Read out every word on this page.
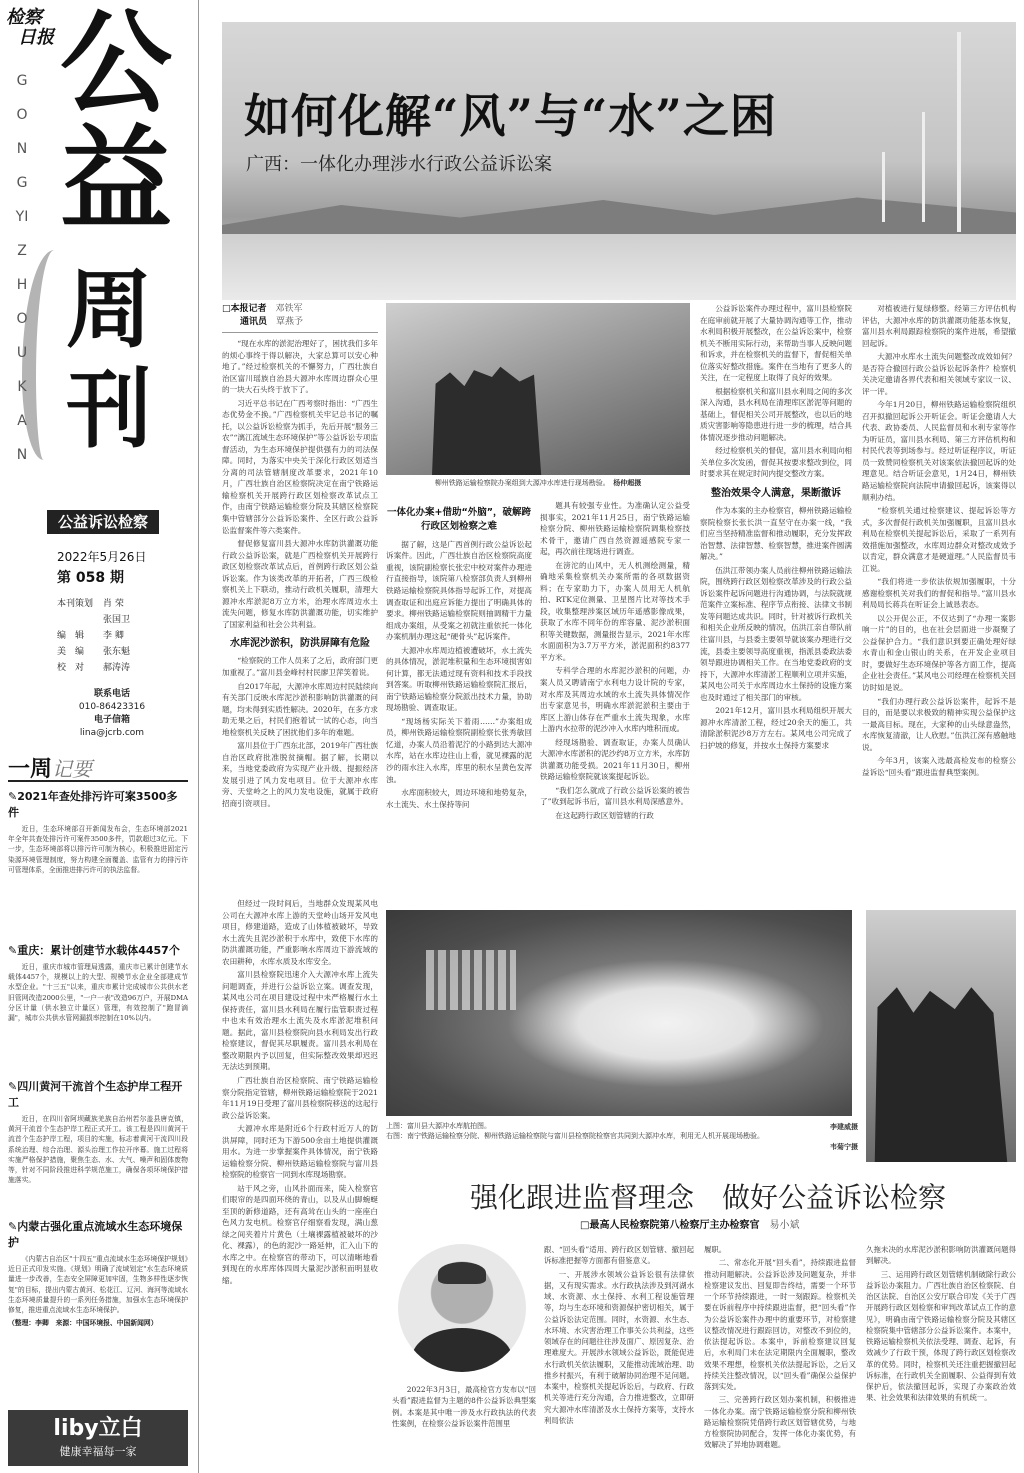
检察
日报 公
益
周
刊
GONGYIZHOUKAN
公益诉讼检察
2022年5月26日
第 058 期
本刊策划 肖 荣
张国卫
编　辑 李 卿
美　编 张东魁
校　对 郝涛涛
联系电话
010-86423316
电子信箱
lina@jcrb.com
一周记要
✎2021年查处排污许可案3500多件
近日，生态环境部召开新闻发布会，生态环境部2021年全年共查处排污许可案件3500多件，罚款超过3亿元。下一步，生态环境部将以排污许可制为核心，积极推进固定污染源环境管理制度，努力构建全面覆盖、监管有力的排污许可管理体系，全面推进排污许可的执法监督。
✎重庆：累计创建节水载体4457个
近日，重庆市城市管理局透露，重庆市已累计创建节水载体4457个，规模以上的大型、规模节水企业全部建成节水型企业。"十三五"以来，重庆市累计完成城市公共供水老旧管网改造2000公里，"一户一表"改造96万户，开展DMA分区计量（供水独立计量区）管理，有效控制了"跑冒滴漏"，城市公共供水管网漏损率控制在10%以内。
✎四川黄河干流首个生态护岸工程开工
近日，在四川省阿坝藏族羌族自治州若尔盖县唐克镇，黄河干流首个生态护岸工程正式开工。该工程是四川黄河干流首个生态护岸工程，项目的实施，标志着黄河干流四川段系统治理、综合治理、源头治理工作拉开序幕。施工过程将实施严格保护措施，聚焦生态、水、大气、噪声和固体废物等，针对不同阶段推进科学规范施工，确保各项环境保护措施落实。
✎内蒙古强化重点流域水生态环境保护
《内蒙古自治区"十四五"重点流域水生态环境保护规划》近日正式印发实施。《规划》明确了流域划定"水生态环境质量进一步改善，生态安全屏障更加牢固，生物多样性逐步恢复"的目标，提出内蒙古黄河、松花江、辽河、海河等流域水生态环境质量提升的一系列任务措施，加强水生态环境保护修复，推进重点流域水生态环境保护。
（整理：李卿　来源：中国环境报、中国新闻网）
liby立白
健康幸福每一家
如何化解“风”与“水”之困
广西：一体化办理涉水行政公益诉讼案
□本报记者　 邓铁军
通讯员　 覃燕予

“现在水库的淤泥治理好了，困扰我们多年的烦心事终于得以解决，大家总算可以安心种地了。”经过检察机关的不懈努力，广西壮族自治区富川瑶族自治县大源冲水库周边群众心里的一块大石头终于放下了。

习近平总书记在广西考察时指出：“广西生态优势金不换。”广西检察机关牢记总书记的嘱托，以公益诉讼检察为抓手，先后开展“服务三农”“漓江流域生态环境保护”等公益诉讼专项监督活动，为生态环境保护提供强有力的司法保障。同时，为落实中央关于深化行政区划适当分离的司法管辖制度改革要求，2021年10月，广西壮族自治区检察院决定在南宁铁路运输检察机关开展跨行政区划检察改革试点工作，由南宁铁路运输检察分院及其辖区检察院集中管辖部分公益诉讼案件、全区行政公益诉讼监督案件等六类案件。

督促修复富川县大源冲水库防洪灌溉功能行政公益诉讼案，就是广西检察机关开展跨行政区划检察改革试点后，首例跨行政区划公益诉讼案。作为该类改革的开拓者，广西三级检察机关上下联动，推动行政机关履职，清理大源冲水库淤泥8万立方米，治理水库周边水土流失问题，修复水库防洪灌溉功能，切实维护了国家利益和社会公共利益。

水库泥沙淤积，防洪屏障有危险

“检察院的工作人员来了之后，政府部门更加重视了。”富川县金峰村村民廖卫萍笑着说。

自2017年起，大源冲水库周边村民陆续向有关部门反映水库泥沙淤积影响防洪灌溉的问题，均未得到实质性解决。2020年，在多方求助无果之后，村民们抱着试一试的心态，向当地检察机关反映了困扰他们多年的难题。

富川县位于广西东北部，2019年广西壮族自治区政府批准脱贫摘帽。据了解，长期以来，当地党委政府为实现产业升级、提振经济发展引进了风力发电项目。位于大源冲水库旁、天堂岭之上的风力发电设施，就属于政府招商引资项目。

但经过一段时间后，当地群众发现某风电公司在大源冲水库上游的天堂岭山场开发风电项目，修建道路，造成了山体植被破坏，导致水土流失且泥沙淤积于水库中，致使下水库的防洪灌溉功能，严重影响水库周边下游流域的农田耕种，水库水质及水库安全。

富川县检察院迅速介入大源冲水库上流失问题调查，并进行公益诉讼立案。调查发现，某风电公司在项目建设过程中未严格履行水土保持责任，富川县水利局在履行监管职责过程中也未有效治理水土流失及水库淤泥堆积问题。据此，富川县检察院向县水利局发出行政检察建议，督促其尽职履责。富川县水利局在整改期限内予以回复，但实际整改效果却迟迟无法达到预期。

广西壮族自治区检察院、南宁铁路运输检察分院指定管辖，柳州铁路运输检察院于2021年11月19日受理了富川县检察院移送的这起行政公益诉讼案。

大源冲水库是附近6个行政村近万人的防洪屏障，同时还为下游500余亩土地提供灌溉用水。为进一步掌握案件具体情况，南宁铁路运输检察分院、柳州铁路运输检察院与富川县检察院的检察官一同到水库现场勘察。

站于风之旁，山风扑面而来，陡入检察官们眼帘的是四面环绕的青山，以及从山脚蜿蜒至顶的新修道路，还有高耸在山头的一座座白色风力发电机。检察官仔细察看发现，满山葱绿之间夹着片片黄色（土壤裸露植被破坏的沙化、裸露），的色的泥沙一路延伸，汇入山下的水库之中。在检察官的带动下，可以清晰地看到现在的水库库体四周大量泥沙淤积而明显收缩。

柳州铁路运输检察院办案组到大源冲水库进行现场勘验。　 杨仲超摄
一体化办案+借助“外脑”，破解跨行政区划检察之难

据了解，这是广西首例行政公益诉讼起诉案件。因此，广西壮族自治区检察院高度重视，该院副检察长张宏中校对案件办理进行直接指导，该院第八检察部负责人到柳州铁路运输检察院具体指导起诉工作，对提高调查取证和出庭应诉能力提出了明确具体的要求。柳州铁路运输检察院则抽调精干力量组成办案组，从受案之初就注重依托一体化办案机制办理这起“硬骨头”起诉案件。

大源冲水库周边植被遭破坏，水土流失的具体情况，淤泥堆积量和生态环境损害如何计算，都无法通过现有资料和技术手段找到答案。听取柳州铁路运输检察院汇报后，南宁铁路运输检察分院派出技术力量，协助现场勘验、调查取证。

“现场杨实际关下着雨……”办案组成员，柳州铁路运输检察院副检察长张秀敏回忆道，办案人员沿着泥泞的小路到达大源冲水库，站在水库边往山上看，就见裸露的泥沙的雨水注入水库，库里的积水呈黄色发浑浊。

水库面积较大，周边环境和地势复杂，水土流失、水土保持等问

题具有较强专业性。为准确认定公益受损事实，2021年11月25日，南宁铁路运输检察分院、柳州铁路运输检察院调集检察技术骨干，邀请广西自然资源遥感院专家一起，再次前往现场进行调查。

在滂沱的山风中，无人机测绘测量，精确地采集检察机关办案所需的各项数据资料；在专家助力下，办案人员用无人机航拍、RTK定位测量、卫星图片比对等技术手段，收集整理涉案区域历年遥感影像成果，获取了水库不同年份的库容量、泥沙淤积面积等关键数据，测量报告显示，2021年水库水面面积为3.7万平方米，淤泥面积约8377平方米。

专科学合理的水库泥沙淤积的问题，办案人员又聘请南宁水利电力设计院的专家，对水库及其周边水域的水土流失具体情况作出专家意见书，明确水库淤泥淤积主要由于库区上游山体存在严重水土流失现象，水库上游内水拉带的泥沙冲入水库内堆积而成。

经现场勘验、调查取证，办案人员确认大源冲水库淤积的泥沙约8万立方米，水库防洪灌溉功能受损。2021年11月30日，柳州铁路运输检察院就该案提起诉讼。

“我们怎么就成了行政公益诉讼案的被告了”收到起诉书后，富川县水利局深感意外。

在这起跨行政区划管辖的行政

公益诉讼案件办理过程中，富川县检察院在庭审前就开展了大量协调沟通等工作，推动水利局积极开展整改，在公益诉讼案中，检察机关不断用实际行动，来帮助当事人反映问题和诉求，并在检察机关的监督下，督促相关单位落实好整改措施。案件在当地有了更多人的关注，在一定程度上取得了良好的效果。

根据检察机关和富川县水利局之间的多次深入沟通，县水利局在清理库区淤泥等问题的基础上，督促相关公司开展整改，也以后的地质灾害影响等隐患进行进一步的梳理，结合具体情况逐步推动问题解决。

经过检察机关的督促，富川县水利局向相关单位多次发函，督促其按要求整改到位，同时要求其在规定时间内提交整改方案。

整治效果令人满意，果断撤诉

作为本案的主办检察官，柳州铁路运输检察院检察长张长洪一直坚守在办案一线，“我们应当坚持精准监督和推动履职，充分发挥政治智慧、法律智慧、检察智慧，推进案件圆满解决。”

伍洪江带领办案人员前往柳州铁路运输法院，围绕跨行政区划检察改革涉及的行政公益诉讼案件起诉问题进行沟通协调，与法院就规范案件立案标准、程序节点衔接、法律文书制发等问题达成共识。同时，针对被诉行政机关和相关企业所反映的情况，伍洪江亲自带队前往富川县，与县委主要领导就该案办理进行交流，县委主要领导高度重视，指派县委政法委领导跟进协调相关工作。在当地党委政府的支持下，大源冲水库清淤工程顺利立项并实施，某风电公司关于水库周边水土保持的设施方案也及时通过了相关部门的审核。

2021年12月，富川县水利局组织开展大源冲水库清淤工程，经过20余天的施工，共清除淤积泥沙8万方左右。某风电公司完成了扫护坡的修复，并按水土保持方案要求

对植被进行复绿修整。经第三方评估机构评估，大源冲水库的防洪灌溉功能基本恢复，富川县水利局跟踪检察院的案件进展，希望撤回起诉。

大源冲水库水土流失问题整改成效如何？是否符合撤回行政公益诉讼起诉条件？检察机关决定邀请各界代表和相关领域专家议一议、评一评。

今年1月20日，柳州铁路运输检察院组织召开拟撤回起诉公开听证会。听证会邀请人大代表、政协委员、人民监督员和水利专家等作为听证员，富川县水利局、第三方评估机构和村民代表等到场参与。经过听证程序议，听证员一致赞同检察机关对该案依法撤回起诉的处理意见。结合听证会意见，1月24日，柳州铁路运输检察院向法院申请撤回起诉，该案得以顺利办结。

“检察机关通过检察建议、提起诉讼等方式，多次督促行政机关加强履职，且富川县水利局在检察机关提起诉讼后，采取了一系列有效措施加强整改，水库周边群众对整改成效予以肯定，群众满意才是硬道理。”人民监督员韦江说。

“我们将进一步依法依规加强履职，十分感谢检察机关对我们的督促和指导。”富川县水利局局长蒋兵在听证会上诚恳表态。

以公开促公正，不仅达到了“办理一案影响一片”的目的，也在社会层面进一步凝聚了公益保护合力。“我们意识到要正确处理好绿水青山和金山银山的关系，在开发企业项目时，要做好生态环境保护等各方面工作，提高企业社会责任。”某风电公司经理在检察机关回访时如是说。

“我们办理行政公益诉讼案件，起诉不是目的，而是要以求极致的精神实现公益保护这一最高目标。现在，大家种的山头绿意盎然，水库恢复清澈，让人欣慰。”伍洪江深有感触地说。

今年3月，该案入选最高检发布的检察公益诉讼“回头看”跟进监督典型案例。

上图：富川县大源冲水库航拍图。	李建威摄
右图：南宁铁路运输检察分院、柳州铁路运输检察院与富川县检察院检察官共同到大源冲水库，利用无人机开展现场勘验。
韦菊宁摄
强化跟进监督理念　做好公益诉讼检察
□最高人民检察院第八检察厅主办检察官　 易小斌

2022年3月3日，最高检官方发布以“回头看”跟进监督为主题的8件公益诉讼典型案例。本案是其中唯一涉及水行政执法的代表性案例，在检察公益诉讼案件范围里

跟、“回头看”适用、跨行政区划管辖、撤回起诉标准把握等方面都有借鉴意义。

一、开展涉水领域公益诉讼很有法律依据，又有现实需求。水行政执法涉及到河湖水域、水资源、水土保持、水利工程设施管理等，均与生态环境和资源保护密切相关，属于公益诉讼法定范围。同时，水资源、水生态、水环境、水灾害治理工作事关公共利益，这些领域存在的问题往往涉及面广、原因复杂、治理难度大。开展涉水领域公益诉讼，既能促进水行政机关依法履职，又能推动流域治理、助推乡村振兴，有利于破解协同治理不足问题。本案中，检察机关提起诉讼后，与政府、行政机关等进行充分沟通，合力推进整改，立即研究大源冲水库清淤及水土保持方案等，支持水利局依法

履职。

二、常态化开展“回头看”，持续跟进监督推动问题解决。公益诉讼涉及问题复杂，并非检察建议发出、回复即告终结，需要一个环节一个环节持续跟进，一时一刻跟踪。检察机关要在诉前程序中持续跟进监督，把“回头看”作为公益诉讼案件办理中的重要环节，对检察建议整改情况进行跟踪回访，对整改不到位的，依法提起诉讼。本案中，诉前检察建议回复后，水利局门未在法定期限内全面履职，整改效果不理想，检察机关依法提起诉讼，之后又持续关注整改情况，以“回头看”确保公益保护落到实处。

三、完善跨行政区划办案机制，积极推进一体化办案。南宁铁路运输检察分院和柳州铁路运输检察院凭借跨行政区划管辖优势，与地方检察院协同配合，发挥一体化办案优势，有效解决了异地协调难题。

久拖未决的水库泥沙淤积影响防洪灌溉问题得到解决。

三、运用跨行政区划管辖机制破除行政公益诉讼办案阻力。广西壮族自治区检察院、自治区法院、自治区公安厅联合印发《关于广西开展跨行政区划检察和审判改革试点工作的意见》，明确由南宁铁路运输检察分院及其辖区检察院集中管辖部分公益诉讼案件。本案中，铁路运输检察机关依法受理、调查、起诉，有效减少了行政干预，体现了跨行政区划检察改革的优势。同时，检察机关还注重把握撤回起诉标准，在行政机关全面履职、公益得到有效保护后，依法撤回起诉，实现了办案政治效果、社会效果和法律效果的有机统一。
